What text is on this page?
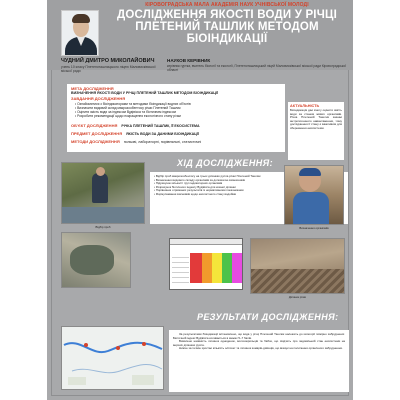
КІРОВОГРАДСЬКА МАЛА АКАДЕМІЯ НАУК УЧНІВСЬКОЇ МОЛОДІ
ДОСЛІДЖЕННЯ ЯКОСТІ ВОДИ У РІЧЦІ ПЛЕТЕНИЙ ТАШЛИК МЕТОДОМ БІОІНДИКАЦІЇ
ЧУДНИЙ ДМИТРО МИКОЛАЙОВИЧ
учень 10 класу Плетеноташлицького ліцею Маловисківської міської ради
НАУКОВ КЕРІВНИК
керівник гуртка, вчитель біології та екології, Плетеноташлицький ліцей Маловисківської міської ради Кіровоградської області
МЕТА ДОСЛІДЖЕННЯ
ВИЗНАЧЕННЯ ЯКОСТІ ВОДИ У РІЧЦІ ПЛЕТЕНИЙ ТАШЛИК МЕТОДОМ БІОІНДИКАЦІЇ
ЗАВДАННЯ ДОСЛІДЖЕННЯ
• Ознайомитися з біоіндикаторами та методами біоіндикації водних об'єктів
• Визначити видовий склад макрозообентосу річки Плетений Ташлик
• Оцінити якість води за індексом Вудівісса та біотичним індексом
• Розробити рекомендації щодо покращення екологічного стану річки
ОБ'ЄКТ ДОСЛІДЖЕННЯ РІЧКА ПЛЕТЕНИЙ ТАШЛИК, ЇЇ ЕКОСИСТЕМА
ПРЕДМЕТ ДОСЛІДЖЕННЯ ЯКІСТЬ ВОДИ ЗА ДАНИМИ БІОІНДИКАЦІЇ
МЕТОДИ ДОСЛІДЖЕННЯ польові, лабораторні, порівняльні, статистичні
АКТУАЛЬНІСТЬ
Біоіндикація дає змогу оцінити якість води за станом живих організмів. Річка Плетений Ташлик зазнає антропогенного навантаження, тому дослідження її стану є важливим для збереження екосистеми.
ХІД ДОСЛІДЖЕННЯ:
Відбір проб
• Відбір проб макрозообентосу на трьох ділянках русла річки Плетений Ташлик
• Визначення видового складу організмів за допомогою визначників
• Підрахунок кількості груп індикаторних організмів
• Розрахунок біотичного індексу Вудівісса для кожної ділянки
• Порівняння отриманих результатів із нормативними показниками
• Формулювання висновків щодо екологічного стану водойми
Визначення організмів
Ділянка річки
РЕЗУЛЬТАТИ ДОСЛІДЖЕННЯ:
За результатами біоіндикації встановлено, що вода у річці Плетений Ташлик належить до категорії помірно забрудненої. Біотичний індекс Вудівісса коливається в межах 5–7 балів.
Виявлено наявність личинок одноденок, волохокрильців та бабок, що свідчить про задовільний стан екосистеми на верхніх ділянках русла.
Нижче за течією зростає кількість олігохет та личинок комарів-дзвінців, що вказує на посилення органічного забруднення.
